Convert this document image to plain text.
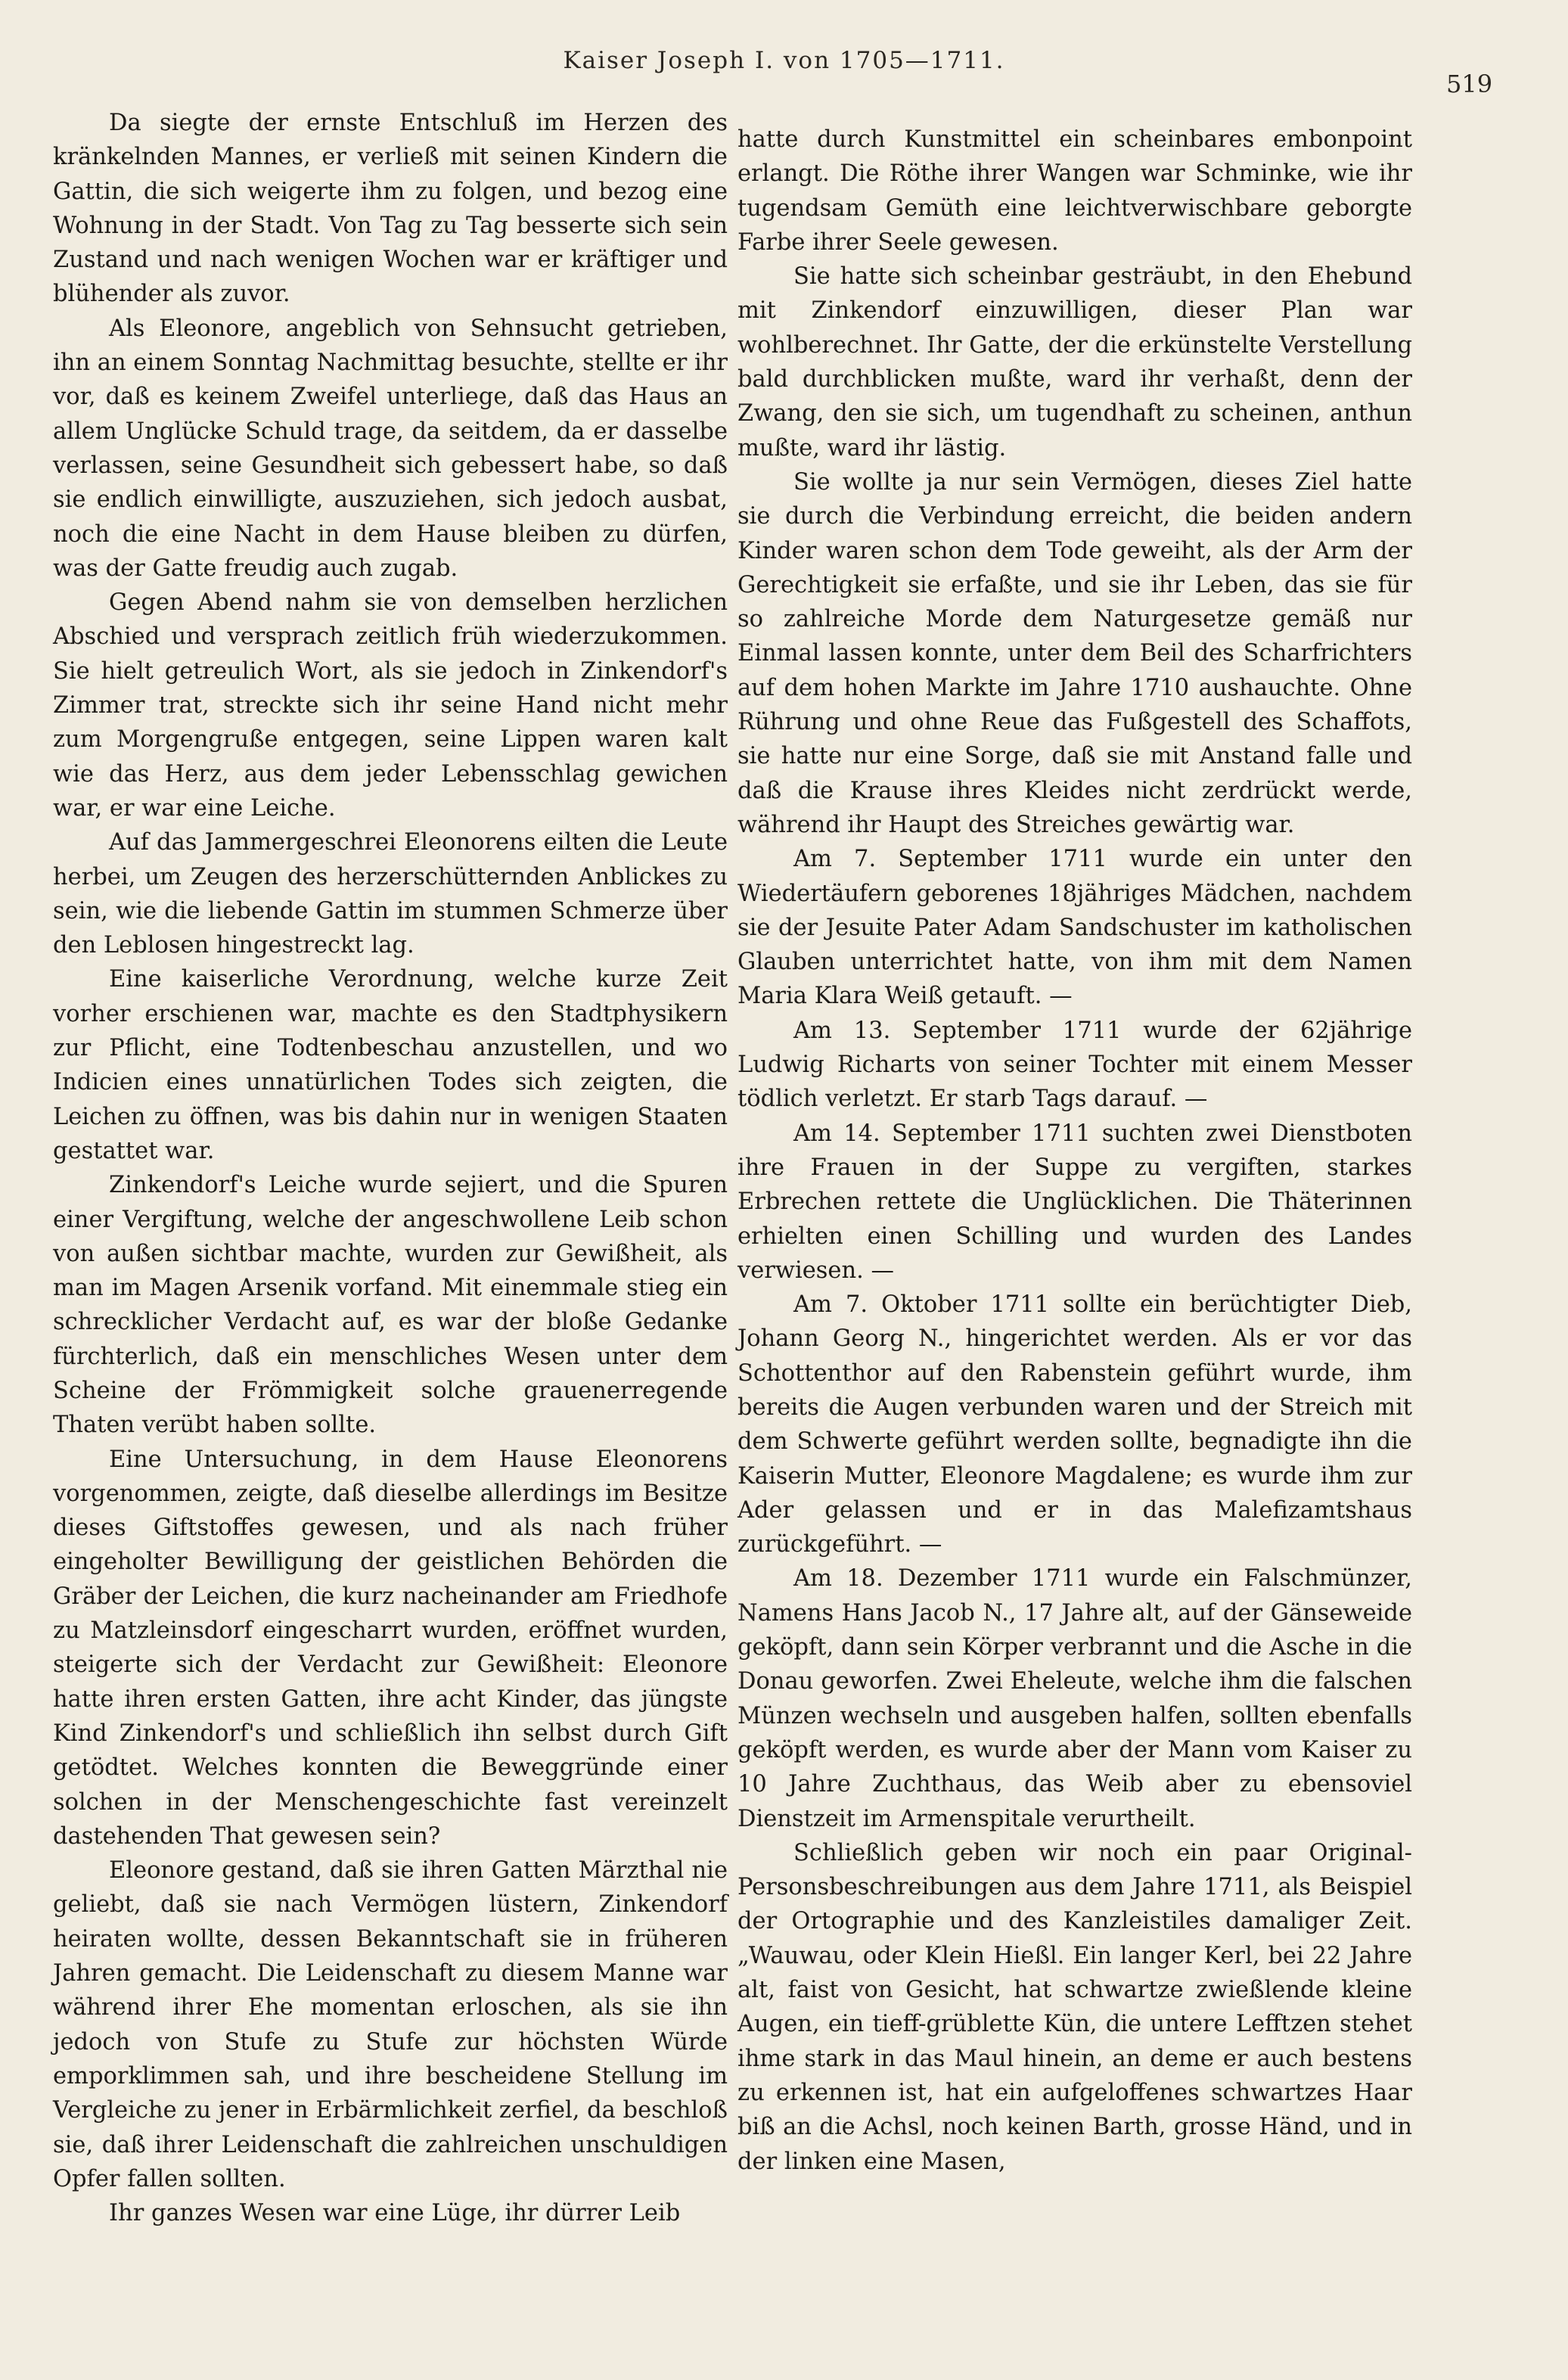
Kaiser Joseph I. von 1705—1711.
519

Da siegte der ernste Entschluß im Herzen des kränkelnden Mannes, er verließ mit seinen Kindern die Gattin, die sich weigerte ihm zu folgen, und bezog eine Wohnung in der Stadt. Von Tag zu Tag besserte sich sein Zustand und nach wenigen Wochen war er kräftiger und blühender als zuvor.

Als Eleonore, angeblich von Sehnsucht getrieben, ihn an einem Sonntag Nachmittag besuchte, stellte er ihr vor, daß es keinem Zweifel unterliege, daß das Haus an allem Unglücke Schuld trage, da seitdem, da er dasselbe verlassen, seine Gesundheit sich gebessert habe, so daß sie endlich einwilligte, auszuziehen, sich jedoch ausbat, noch die eine Nacht in dem Hause bleiben zu dürfen, was der Gatte freudig auch zugab.

Gegen Abend nahm sie von demselben herzlichen Abschied und versprach zeitlich früh wiederzukommen. Sie hielt getreulich Wort, als sie jedoch in Zinkendorf's Zimmer trat, streckte sich ihr seine Hand nicht mehr zum Morgengruße entgegen, seine Lippen waren kalt wie das Herz, aus dem jeder Lebensschlag gewichen war, er war eine Leiche.

Auf das Jammergeschrei Eleonorens eilten die Leute herbei, um Zeugen des herzerschütternden Anblickes zu sein, wie die liebende Gattin im stummen Schmerze über den Leblosen hingestreckt lag.

Eine kaiserliche Verordnung, welche kurze Zeit vorher erschienen war, machte es den Stadtphysikern zur Pflicht, eine Todtenbeschau anzustellen, und wo Indicien eines unnatürlichen Todes sich zeigten, die Leichen zu öffnen, was bis dahin nur in wenigen Staaten gestattet war.

Zinkendorf's Leiche wurde sejiert, und die Spuren einer Vergiftung, welche der angeschwollene Leib schon von außen sichtbar machte, wurden zur Gewißheit, als man im Magen Arsenik vorfand. Mit einemmale stieg ein schrecklicher Verdacht auf, es war der bloße Gedanke fürchterlich, daß ein menschliches Wesen unter dem Scheine der Frömmigkeit solche grauenerregende Thaten verübt haben sollte.

Eine Untersuchung, in dem Hause Eleonorens vorgenommen, zeigte, daß dieselbe allerdings im Besitze dieses Giftstoffes gewesen, und als nach früher eingeholter Bewilligung der geistlichen Behörden die Gräber der Leichen, die kurz nacheinander am Friedhofe zu Matzleinsdorf eingescharrt wurden, eröffnet wurden, steigerte sich der Verdacht zur Gewißheit: Eleonore hatte ihren ersten Gatten, ihre acht Kinder, das jüngste Kind Zinkendorf's und schließlich ihn selbst durch Gift getödtet. Welches konnten die Beweggründe einer solchen in der Menschengeschichte fast vereinzelt dastehenden That gewesen sein?

Eleonore gestand, daß sie ihren Gatten Märzthal nie geliebt, daß sie nach Vermögen lüstern, Zinkendorf heiraten wollte, dessen Bekanntschaft sie in früheren Jahren gemacht. Die Leidenschaft zu diesem Manne war während ihrer Ehe momentan erloschen, als sie ihn jedoch von Stufe zu Stufe zur höchsten Würde emporklimmen sah, und ihre bescheidene Stellung im Vergleiche zu jener in Erbärmlichkeit zerfiel, da beschloß sie, daß ihrer Leidenschaft die zahlreichen unschuldigen Opfer fallen sollten.

Ihr ganzes Wesen war eine Lüge, ihr dürrer Leib

hatte durch Kunstmittel ein scheinbares embonpoint erlangt. Die Röthe ihrer Wangen war Schminke, wie ihr tugendsam Gemüth eine leichtverwischbare geborgte Farbe ihrer Seele gewesen.

Sie hatte sich scheinbar gesträubt, in den Ehebund mit Zinkendorf einzuwilligen, dieser Plan war wohlberechnet. Ihr Gatte, der die erkünstelte Verstellung bald durchblicken mußte, ward ihr verhaßt, denn der Zwang, den sie sich, um tugendhaft zu scheinen, anthun mußte, ward ihr lästig.

Sie wollte ja nur sein Vermögen, dieses Ziel hatte sie durch die Verbindung erreicht, die beiden andern Kinder waren schon dem Tode geweiht, als der Arm der Gerechtigkeit sie erfaßte, und sie ihr Leben, das sie für so zahlreiche Morde dem Naturgesetze gemäß nur Einmal lassen konnte, unter dem Beil des Scharfrichters auf dem hohen Markte im Jahre 1710 aushauchte. Ohne Rührung und ohne Reue das Fußgestell des Schaffots, sie hatte nur eine Sorge, daß sie mit Anstand falle und daß die Krause ihres Kleides nicht zerdrückt werde, während ihr Haupt des Streiches gewärtig war.

Am 7. September 1711 wurde ein unter den Wiedertäufern geborenes 18jähriges Mädchen, nachdem sie der Jesuite Pater Adam Sandschuster im katholischen Glauben unterrichtet hatte, von ihm mit dem Namen Maria Klara Weiß getauft. —

Am 13. September 1711 wurde der 62jährige Ludwig Richarts von seiner Tochter mit einem Messer tödlich verletzt. Er starb Tags darauf. —

Am 14. September 1711 suchten zwei Dienstboten ihre Frauen in der Suppe zu vergiften, starkes Erbrechen rettete die Unglücklichen. Die Thäterinnen erhielten einen Schilling und wurden des Landes verwiesen. —

Am 7. Oktober 1711 sollte ein berüchtigter Dieb, Johann Georg N., hingerichtet werden. Als er vor das Schottenthor auf den Rabenstein geführt wurde, ihm bereits die Augen verbunden waren und der Streich mit dem Schwerte geführt werden sollte, begnadigte ihn die Kaiserin Mutter, Eleonore Magdalene; es wurde ihm zur Ader gelassen und er in das Malefizamtshaus zurückgeführt. —

Am 18. Dezember 1711 wurde ein Falschmünzer, Namens Hans Jacob N., 17 Jahre alt, auf der Gänseweide geköpft, dann sein Körper verbrannt und die Asche in die Donau geworfen. Zwei Eheleute, welche ihm die falschen Münzen wechseln und ausgeben halfen, sollten ebenfalls geköpft werden, es wurde aber der Mann vom Kaiser zu 10 Jahre Zuchthaus, das Weib aber zu ebensoviel Dienstzeit im Armenspitale verurtheilt.

Schließlich geben wir noch ein paar Original-Personsbeschreibungen aus dem Jahre 1711, als Beispiel der Ortographie und des Kanzleistiles damaliger Zeit. „Wauwau, oder Klein Hießl. Ein langer Kerl, bei 22 Jahre alt, faist von Gesicht, hat schwartze zwießlende kleine Augen, ein tieff-grüblette Kün, die untere Lefftzen stehet ihme stark in das Maul hinein, an deme er auch bestens zu erkennen ist, hat ein aufgeloffenes schwartzes Haar biß an die Achsl, noch keinen Barth, grosse Händ, und in der linken eine Masen,
